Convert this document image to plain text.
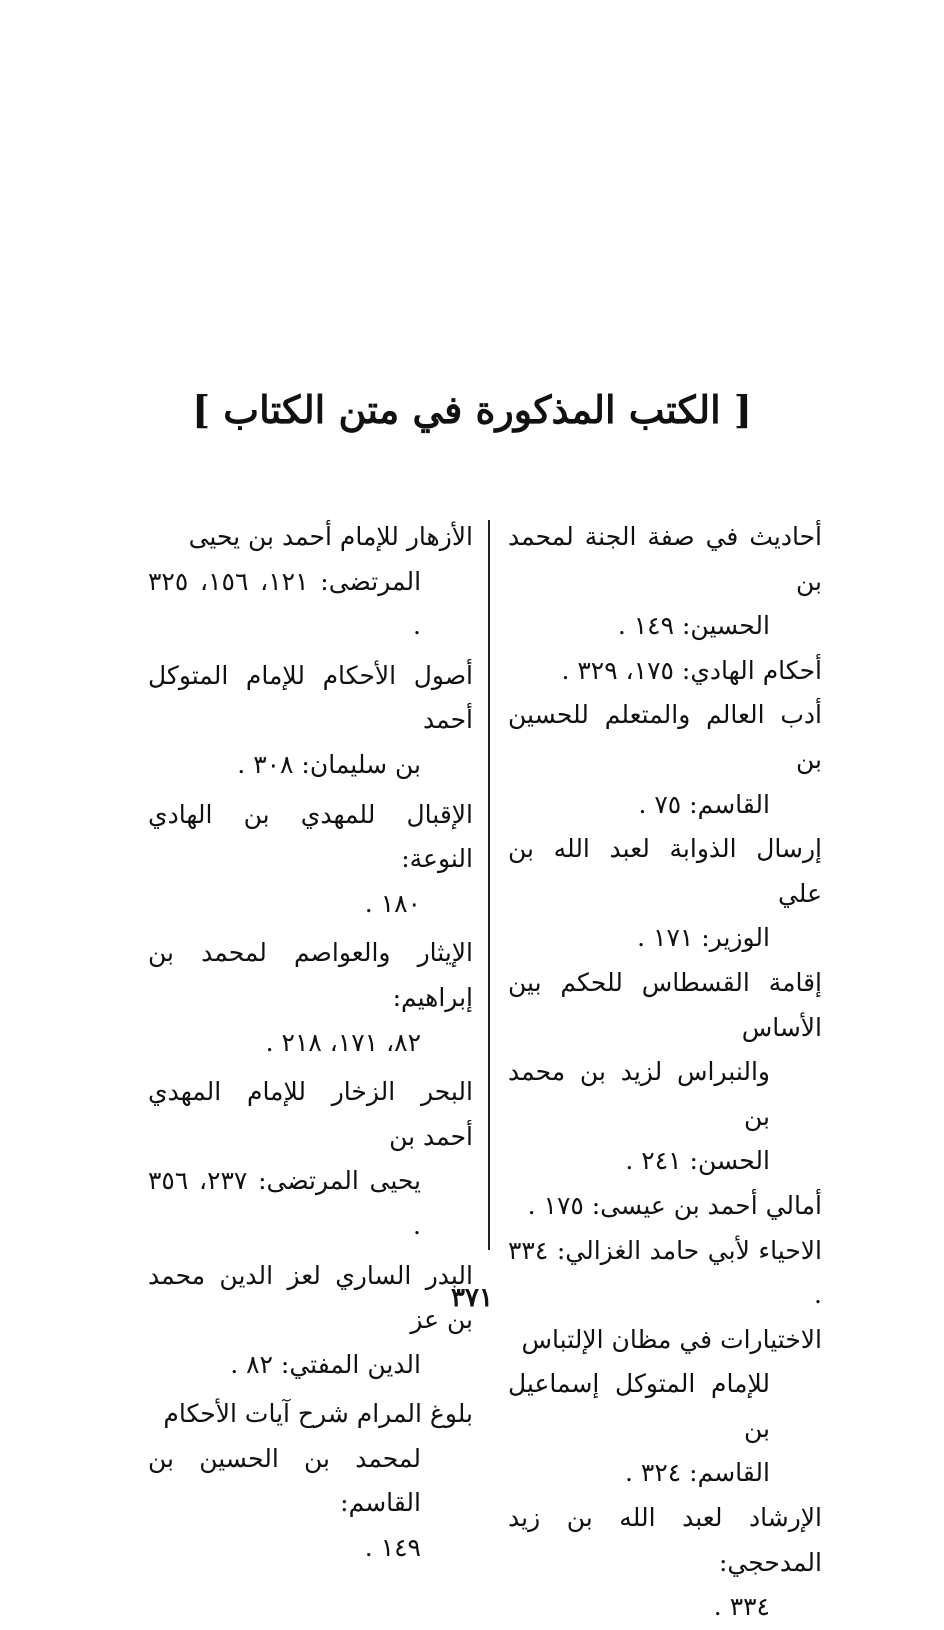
[ الكتب المذكورة في متن الكتاب ]

أحاديث في صفة الجنة لمحمد بن
الحسين: ١٤٩ .

أحكام الهادي: ١٧٥، ٣٢٩ .

أدب العالم والمتعلم للحسين بن
القاسم: ٧٥ .

إرسال الذوابة لعبد الله بن علي
الوزير: ١٧١ .

إقامة القسطاس للحكم بين الأساس
والنبراس لزيد بن محمد بن
الحسن: ٢٤١ .

أمالي أحمد بن عيسى: ١٧٥ .

الاحياء لأبي حامد الغزالي: ٣٣٤ .

الاختيارات في مظان الإلتباس
للإمام المتوكل إسماعيل بن
القاسم: ٣٢٤ .

الإرشاد لعبد الله بن زيد المدحجي:
٣٣٤ .

الأزهار للإمام أحمد بن يحيى
المرتضى: ١٢١، ١٥٦، ٣٢٥ .

أصول الأحكام للإمام المتوكل أحمد
بن سليمان: ٣٠٨ .

الإقبال للمهدي بن الهادي النوعة:
١٨٠ .

الإيثار والعواصم لمحمد بن إبراهيم:
٨٢، ١٧١، ٢١٨ .

البحر الزخار للإمام المهدي أحمد بن
يحيى المرتضى: ٢٣٧، ٣٥٦ .

البدر الساري لعز الدين محمد بن عز
الدين المفتي: ٨٢ .

بلوغ المرام شرح آيات الأحكام
لمحمد بن الحسين بن القاسم:
١٤٩ .

٣٧١
